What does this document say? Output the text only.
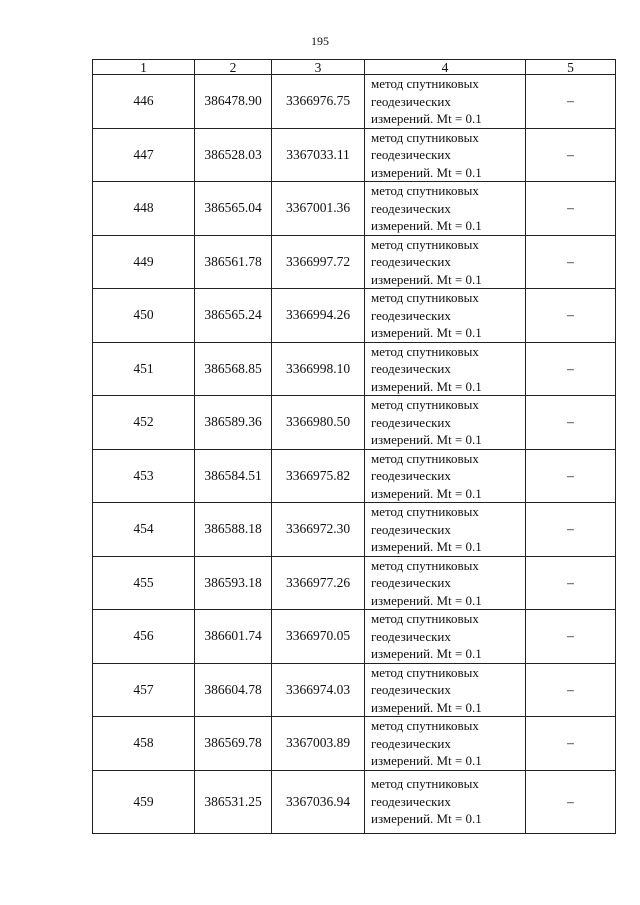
195
1	2	3	4	5
446	386478.90	3366976.75	метод спутниковых
геодезических
измерений. Mt = 0.1	–
447	386528.03	3367033.11	метод спутниковых
геодезических
измерений. Mt = 0.1	–
448	386565.04	3367001.36	метод спутниковых
геодезических
измерений. Mt = 0.1	–
449	386561.78	3366997.72	метод спутниковых
геодезических
измерений. Mt = 0.1	–
450	386565.24	3366994.26	метод спутниковых
геодезических
измерений. Mt = 0.1	–
451	386568.85	3366998.10	метод спутниковых
геодезических
измерений. Mt = 0.1	–
452	386589.36	3366980.50	метод спутниковых
геодезических
измерений. Mt = 0.1	–
453	386584.51	3366975.82	метод спутниковых
геодезических
измерений. Mt = 0.1	–
454	386588.18	3366972.30	метод спутниковых
геодезических
измерений. Mt = 0.1	–
455	386593.18	3366977.26	метод спутниковых
геодезических
измерений. Mt = 0.1	–
456	386601.74	3366970.05	метод спутниковых
геодезических
измерений. Mt = 0.1	–
457	386604.78	3366974.03	метод спутниковых
геодезических
измерений. Mt = 0.1	–
458	386569.78	3367003.89	метод спутниковых
геодезических
измерений. Mt = 0.1	–
459	386531.25	3367036.94	метод спутниковых
геодезических
измерений. Mt = 0.1	–
